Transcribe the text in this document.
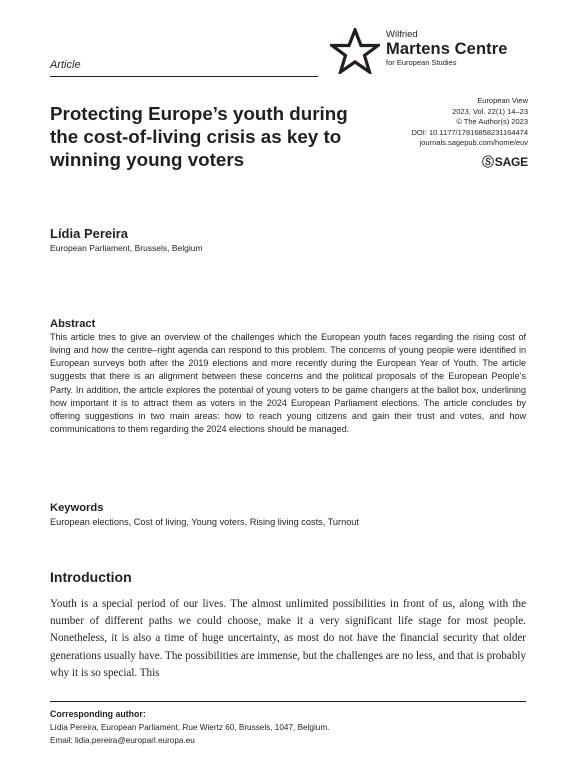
Wilfried
Martens Centre
for European Studies
Article
Protecting Europe’s youth during the cost-of-living crisis as key to winning young voters
European View
2023, Vol. 22(1) 14–23
© The Author(s) 2023
DOI: 10.1177/17816858231164474
journals.sagepub.com/home/euv
ⓈSAGE
Lídia Pereira
European Parliament, Brussels, Belgium
Abstract

This article tries to give an overview of the challenges which the European youth faces regarding the rising cost of living and how the centre–right agenda can respond to this problem. The concerns of young people were identified in European surveys both after the 2019 elections and more recently during the European Year of Youth. The article suggests that there is an alignment between these concerns and the political proposals of the European People’s Party. In addition, the article explores the potential of young voters to be game changers at the ballot box, underlining how important it is to attract them as voters in the 2024 European Parliament elections. The article concludes by offering suggestions in two main areas: how to reach young citizens and gain their trust and votes, and how communications to them regarding the 2024 elections should be managed.

Keywords
European elections, Cost of living, Young voters, Rising living costs, Turnout
Introduction

Youth is a special period of our lives. The almost unlimited possibilities in front of us, along with the number of different paths we could choose, make it a very significant life stage for most people. Nonetheless, it is also a time of huge uncertainty, as most do not have the financial security that older generations usually have. The possibilities are immense, but the challenges are no less, and that is probably why it is so special. This

Corresponding author:
Lídia Pereira, European Parliament, Rue Wiertz 60, Brussels, 1047, Belgium.
Email: lidia.pereira@europarl.europa.eu
